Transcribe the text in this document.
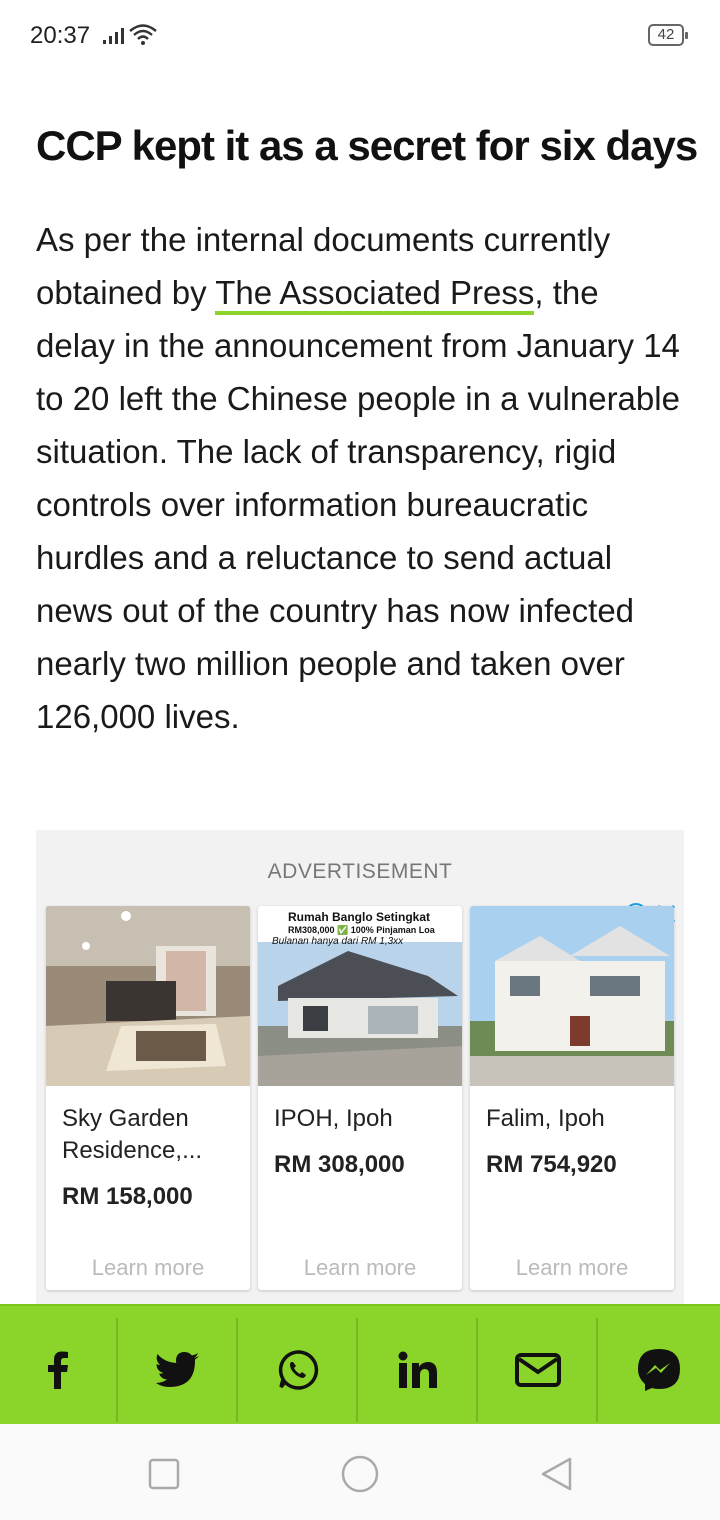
20:37	42
CCP kept it as a secret for six days

As per the internal documents currently obtained by The Associated Press, the delay in the announcement from January 14 to 20 left the Chinese people in a vulnerable situation. The lack of transparency, rigid controls over information bureaucratic hurdles and a reluctance to send actual news out of the country has now infected nearly two million people and taken over 126,000 lives.

ADVERTISEMENT
Sky Garden Residence,...
RM 158,000
Learn more
Rumah Banglo Setingkat
RM308,000 ✅ 100% Pinjaman Loa
Bulanan hanya dari RM 1,3xx
IPOH, Ipoh
RM 308,000
Learn more
Falim, Ipoh
RM 754,920
Learn more
